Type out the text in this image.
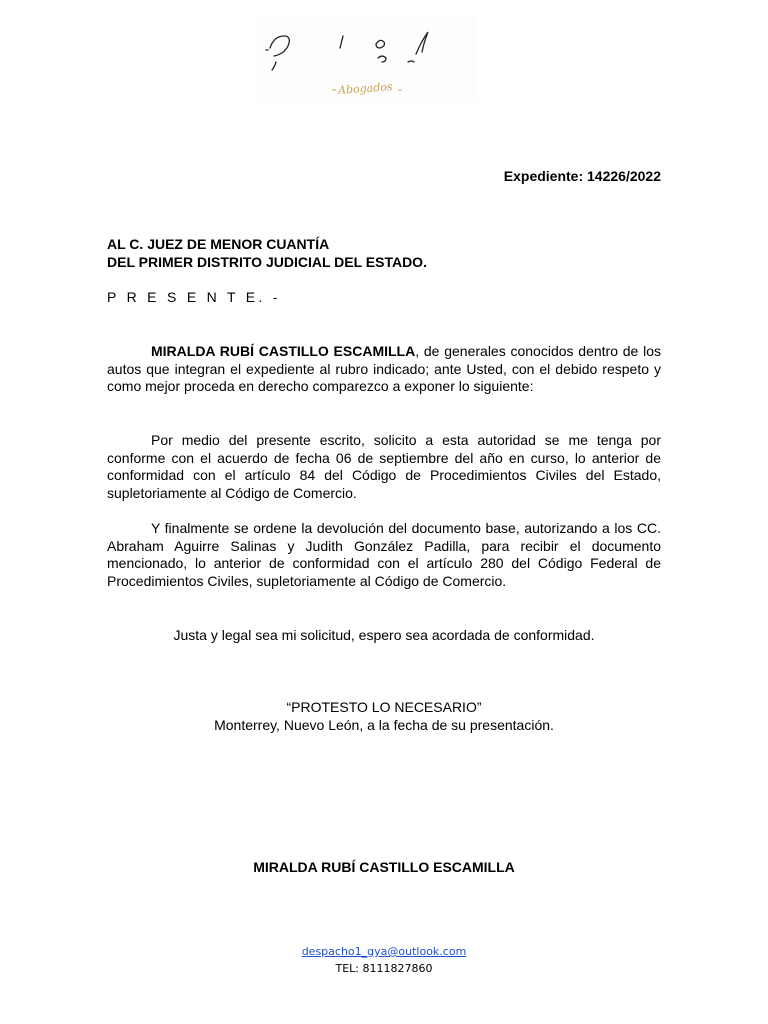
Abogados
Expediente: 14226/2022
AL C. JUEZ DE MENOR CUANTÍA
DEL PRIMER DISTRITO JUDICIAL DEL ESTADO.
P R E S E N T E. -

MIRALDA RUBÍ CASTILLO ESCAMILLA, de generales conocidos dentro de los autos que integran el expediente al rubro indicado; ante Usted, con el debido respeto y como mejor proceda en derecho comparezco a exponer lo siguiente:

Por medio del presente escrito, solicito a esta autoridad se me tenga por conforme con el acuerdo de fecha 06 de septiembre del año en curso, lo anterior de conformidad con el artículo 84 del Código de Procedimientos Civiles del Estado, supletoriamente al Código de Comercio.

Y finalmente se ordene la devolución del documento base, autorizando a los CC. Abraham Aguirre Salinas y Judith González Padilla, para recibir el documento mencionado, lo anterior de conformidad con el artículo 280 del Código Federal de Procedimientos Civiles, supletoriamente al Código de Comercio.

Justa y legal sea mi solicitud, espero sea acordada de conformidad.
“PROTESTO LO NECESARIO”
Monterrey, Nuevo León, a la fecha de su presentación.
MIRALDA RUBÍ CASTILLO ESCAMILLA
despacho1_gya@outlook.com
TEL: 8111827860
